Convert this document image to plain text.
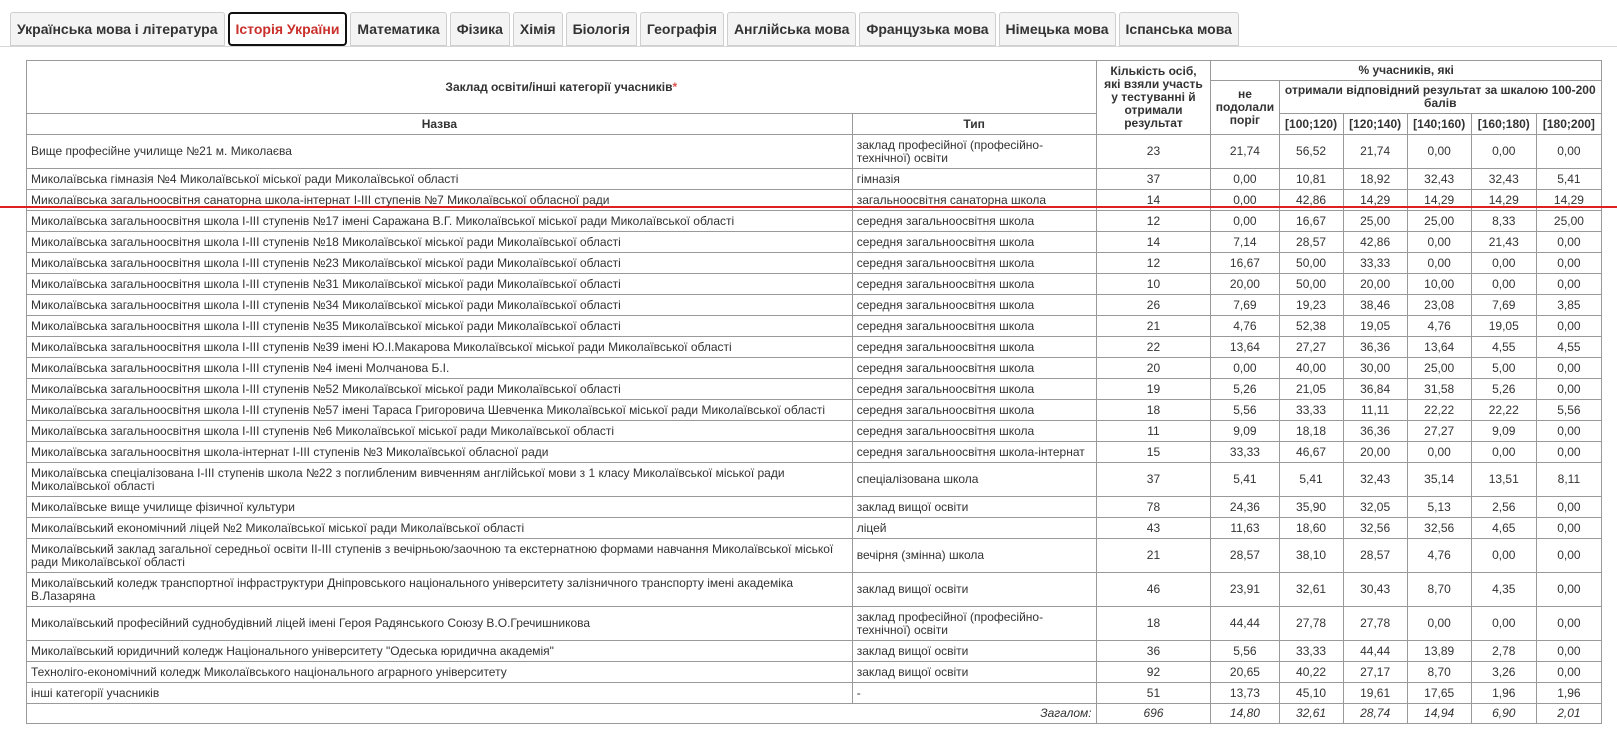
Українська мова і література	Історія України	Математика	Фізика	Хімія	Біологія	Географія	Англійська мова	Французька мова	Німецька мова	Іспанська мова
Заклад освіти/інші категорії учасників*		Кількість осіб, які взяли участь у тестуванні й отримали результат	% учасників, які					
			не подолали поріг	отримали відповідний результат за шкалою 100-200 балів				
Назва	Тип			[100;120)	[120;140)	[140;160)	[160;180)	[180;200]
Вище професійне училище №21 м. Миколаєва	заклад професійної (професійно-технічної) освіти	23	21,74	56,52	21,74	0,00	0,00	0,00
Миколаївська гімназія №4 Миколаївської міської ради Миколаївської області	гімназія	37	0,00	10,81	18,92	32,43	32,43	5,41
Миколаївська загальноосвітня санаторна школа-інтернат І-ІІІ ступенів №7 Миколаївської обласної ради	загальноосвітня санаторна школа	14	0,00	42,86	14,29	14,29	14,29	14,29
Миколаївська загальноосвітня школа І-ІІІ ступенів №17 імені Саражана В.Г. Миколаївської міської ради Миколаївської області	середня загальноосвітня школа	12	0,00	16,67	25,00	25,00	8,33	25,00
Миколаївська загальноосвітня школа І-ІІІ ступенів №18 Миколаївської міської ради Миколаївської області	середня загальноосвітня школа	14	7,14	28,57	42,86	0,00	21,43	0,00
Миколаївська загальноосвітня школа І-ІІІ ступенів №23 Миколаївської міської ради Миколаївської області	середня загальноосвітня школа	12	16,67	50,00	33,33	0,00	0,00	0,00
Миколаївська загальноосвітня школа І-ІІІ ступенів №31 Миколаївської міської ради Миколаївської області	середня загальноосвітня школа	10	20,00	50,00	20,00	10,00	0,00	0,00
Миколаївська загальноосвітня школа І-ІІІ ступенів №34 Миколаївської міської ради Миколаївської області	середня загальноосвітня школа	26	7,69	19,23	38,46	23,08	7,69	3,85
Миколаївська загальноосвітня школа І-ІІІ ступенів №35 Миколаївської міської ради Миколаївської області	середня загальноосвітня школа	21	4,76	52,38	19,05	4,76	19,05	0,00
Миколаївська загальноосвітня школа І-ІІІ ступенів №39 імені Ю.І.Макарова Миколаївської міської ради Миколаївської області	середня загальноосвітня школа	22	13,64	27,27	36,36	13,64	4,55	4,55
Миколаївська загальноосвітня школа І-ІІІ ступенів №4 імені Молчанова Б.І.	середня загальноосвітня школа	20	0,00	40,00	30,00	25,00	5,00	0,00
Миколаївська загальноосвітня школа І-ІІІ ступенів №52 Миколаївської міської ради Миколаївської області	середня загальноосвітня школа	19	5,26	21,05	36,84	31,58	5,26	0,00
Миколаївська загальноосвітня школа І-ІІІ ступенів №57 імені Тараса Григоровича Шевченка Миколаївської міської ради Миколаївської області	середня загальноосвітня школа	18	5,56	33,33	11,11	22,22	22,22	5,56
Миколаївська загальноосвітня школа І-ІІІ ступенів №6 Миколаївської міської ради Миколаївської області	середня загальноосвітня школа	11	9,09	18,18	36,36	27,27	9,09	0,00
Миколаївська загальноосвітня школа-інтернат І-ІІІ ступенів №3 Миколаївської обласної ради	середня загальноосвітня школа-інтернат	15	33,33	46,67	20,00	0,00	0,00	0,00
Миколаївська спеціалізована І-ІІІ ступенів школа №22 з поглибленим вивченням англійської мови з 1 класу Миколаївської міської ради Миколаївської області	спеціалізована школа	37	5,41	5,41	32,43	35,14	13,51	8,11
Миколаївське вище училище фізичної культури	заклад вищої освіти	78	24,36	35,90	32,05	5,13	2,56	0,00
Миколаївський економічний ліцей №2 Миколаївської міської ради Миколаївської області	ліцей	43	11,63	18,60	32,56	32,56	4,65	0,00
Миколаївський заклад загальної середньої освіти ІІ-ІІІ ступенів з вечірньою/заочною та екстернатною формами навчання Миколаївської міської ради Миколаївської області	вечірня (змінна) школа	21	28,57	38,10	28,57	4,76	0,00	0,00
Миколаївський коледж транспортної інфраструктури Дніпровського національного університету залізничного транспорту імені академіка В.Лазаряна	заклад вищої освіти	46	23,91	32,61	30,43	8,70	4,35	0,00
Миколаївський професійний суднобудівний ліцей імені Героя Радянського Союзу В.О.Гречишникова	заклад професійної (професійно-технічної) освіти	18	44,44	27,78	27,78	0,00	0,00	0,00
Миколаївський юридичний коледж Національного університету "Одеська юридична академія"	заклад вищої освіти	36	5,56	33,33	44,44	13,89	2,78	0,00
Техноліго-економічний коледж Миколаївського національного аграрного університету	заклад вищої освіти	92	20,65	40,22	27,17	8,70	3,26	0,00
інші категорії учасників	-	51	13,73	45,10	19,61	17,65	1,96	1,96
Загалом:		696	14,80	32,61	28,74	14,94	6,90	2,01
